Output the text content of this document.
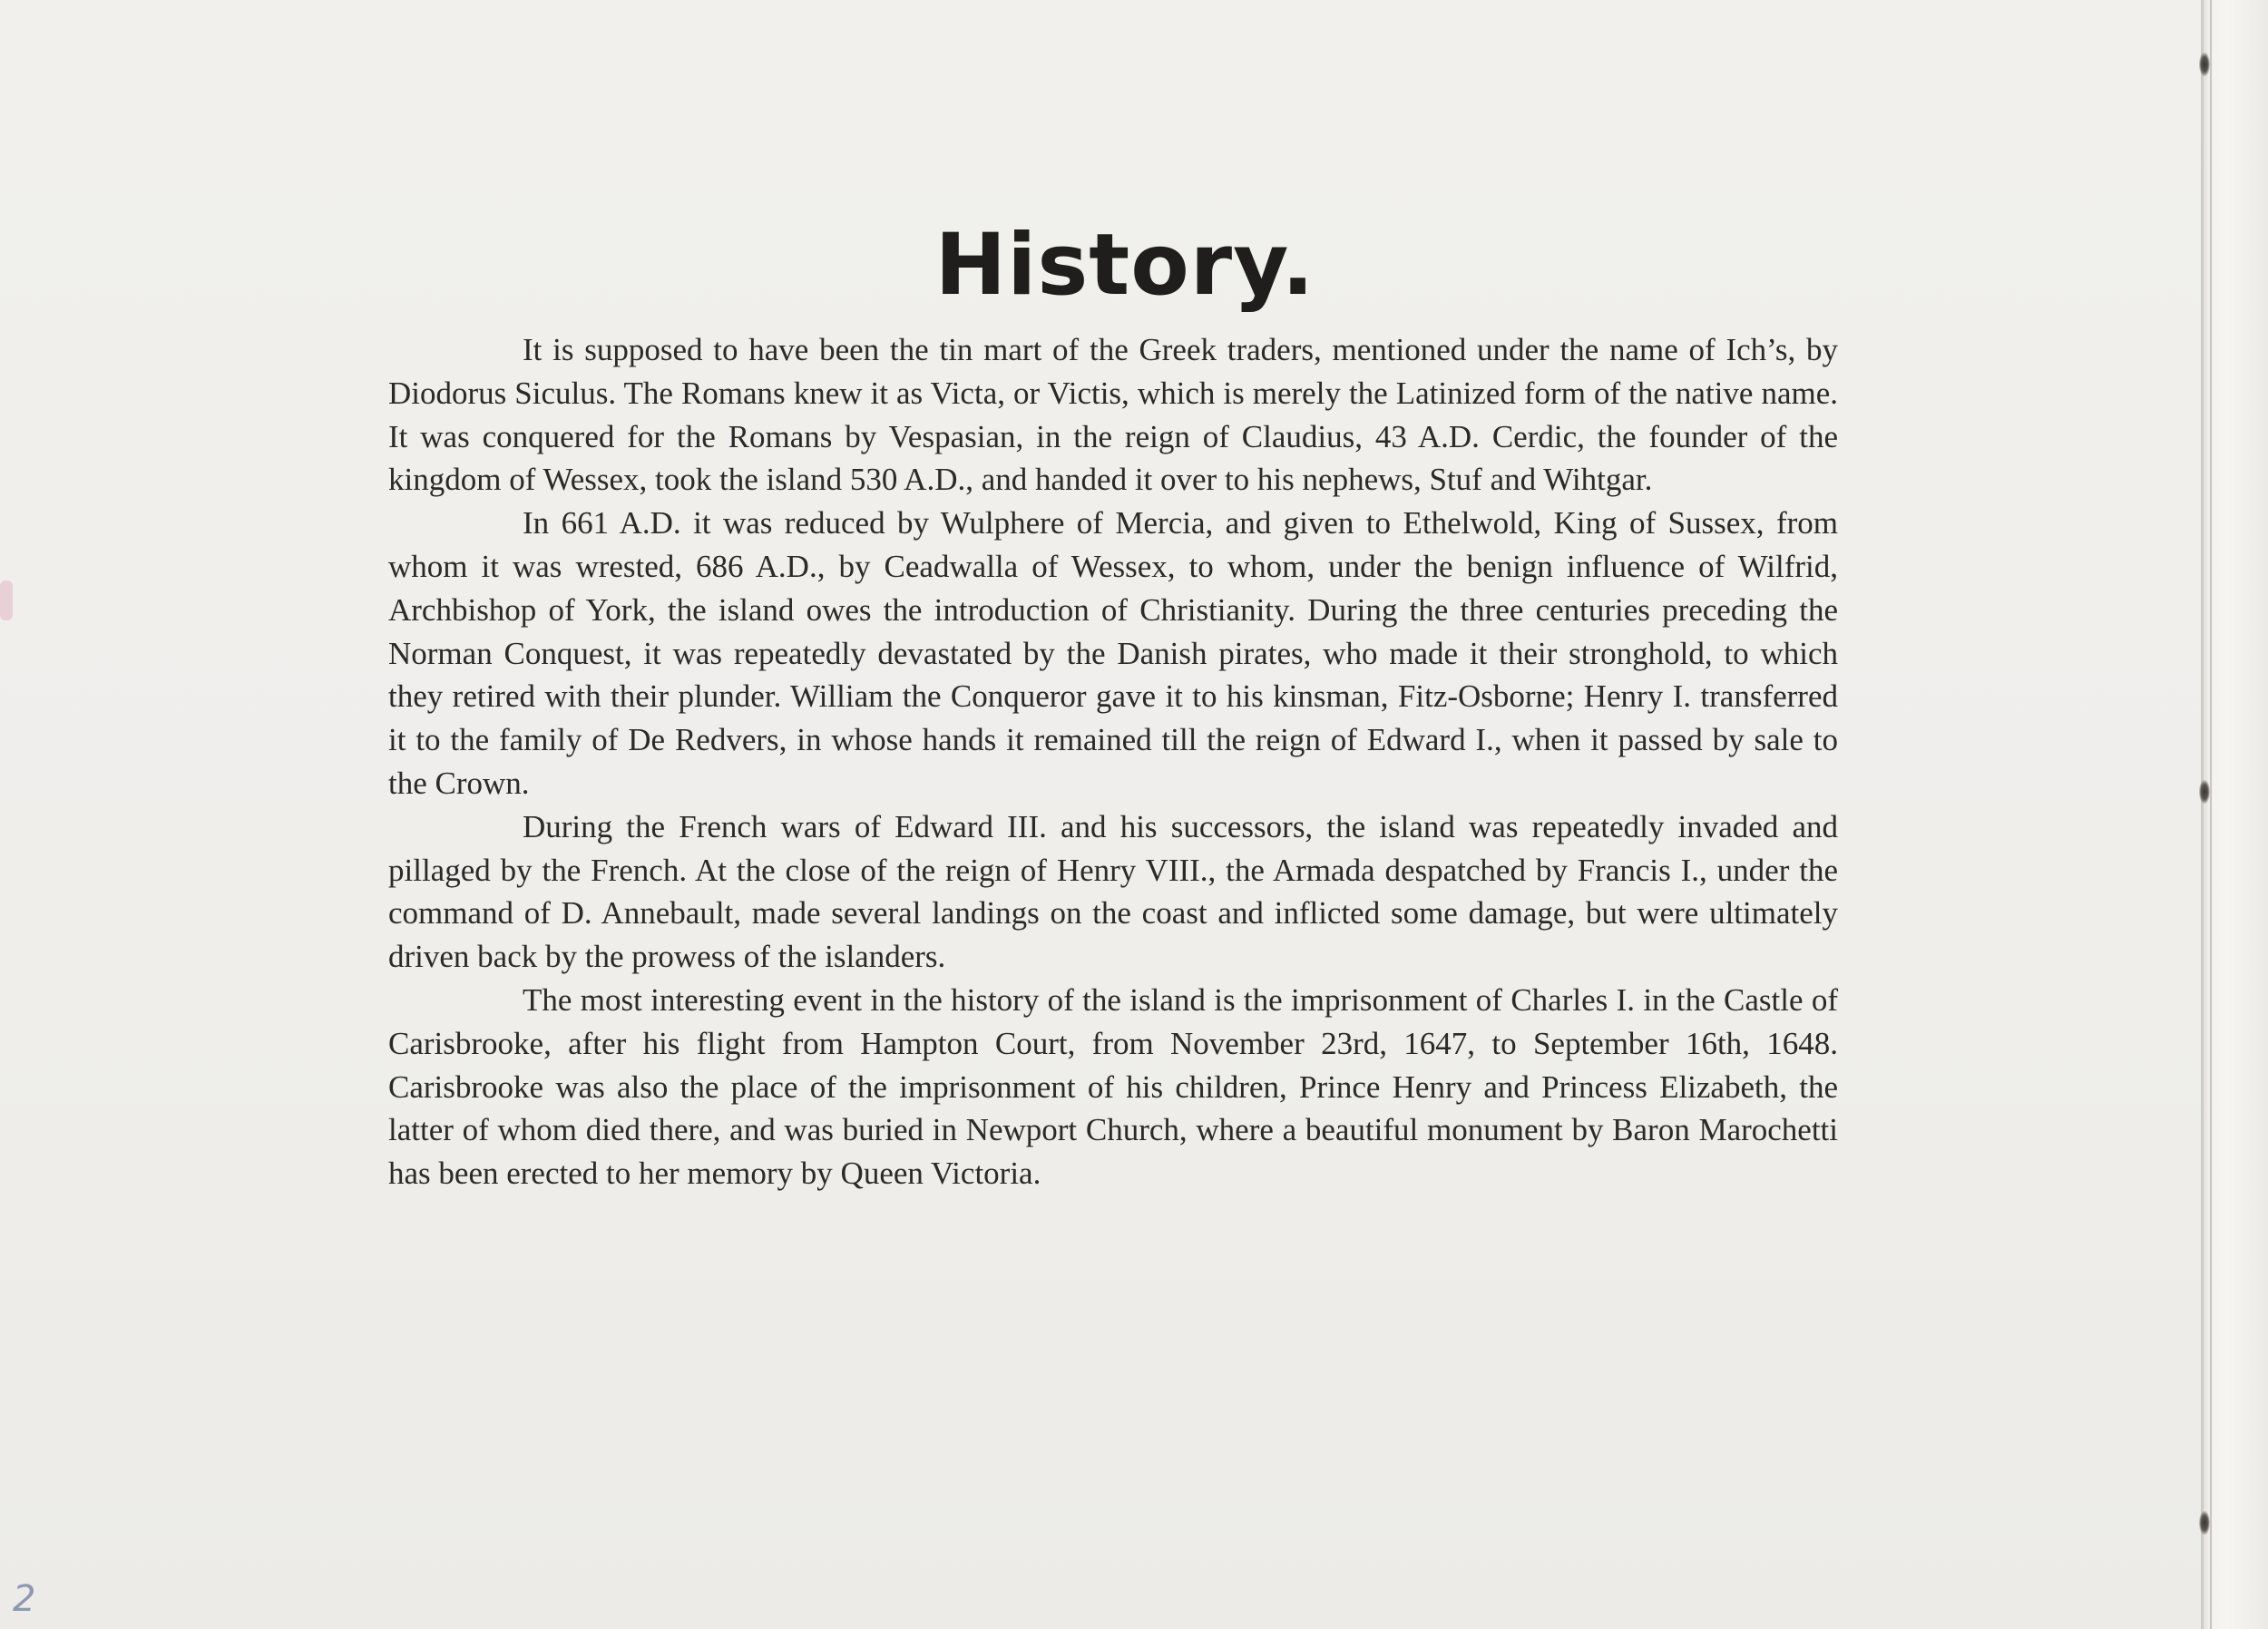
History.

It is supposed to have been the tin mart of the Greek traders, mentioned under the name of Ich’s, by Diodorus Siculus. The Romans knew it as Victa, or Victis, which is merely the Latinized form of the native name. It was conquered for the Romans by Vespasian, in the reign of Claudius, 43 A.D. Cerdic, the founder of the kingdom of Wessex, took the island 530 A.D., and handed it over to his nephews, Stuf and Wihtgar.

In 661 A.D. it was reduced by Wulphere of Mercia, and given to Ethelwold, King of Sussex, from whom it was wrested, 686 A.D., by Ceadwalla of Wessex, to whom, under the benign influence of Wilfrid, Archbishop of York, the island owes the introduction of Christianity. During the three centuries preceding the Norman Conquest, it was repeatedly devastated by the Danish pirates, who made it their stronghold, to which they retired with their plunder. William the Conqueror gave it to his kinsman, Fitz-Osborne; Henry I. transferred it to the family of De Redvers, in whose hands it remained till the reign of Edward I., when it passed by sale to the Crown.

During the French wars of Edward III. and his successors, the island was repeatedly invaded and pillaged by the French. At the close of the reign of Henry VIII., the Armada despatched by Francis I., under the command of D. Annebault, made several landings on the coast and inflicted some damage, but were ultimately driven back by the prowess of the islanders.

The most interesting event in the history of the island is the imprisonment of Charles I. in the Castle of Carisbrooke, after his flight from Hampton Court, from November 23rd, 1647, to September 16th, 1648. Carisbrooke was also the place of the imprisonment of his children, Prince Henry and Princess Elizabeth, the latter of whom died there, and was buried in Newport Church, where a beautiful monument by Baron Marochetti has been erected to her memory by Queen Victoria.

2
